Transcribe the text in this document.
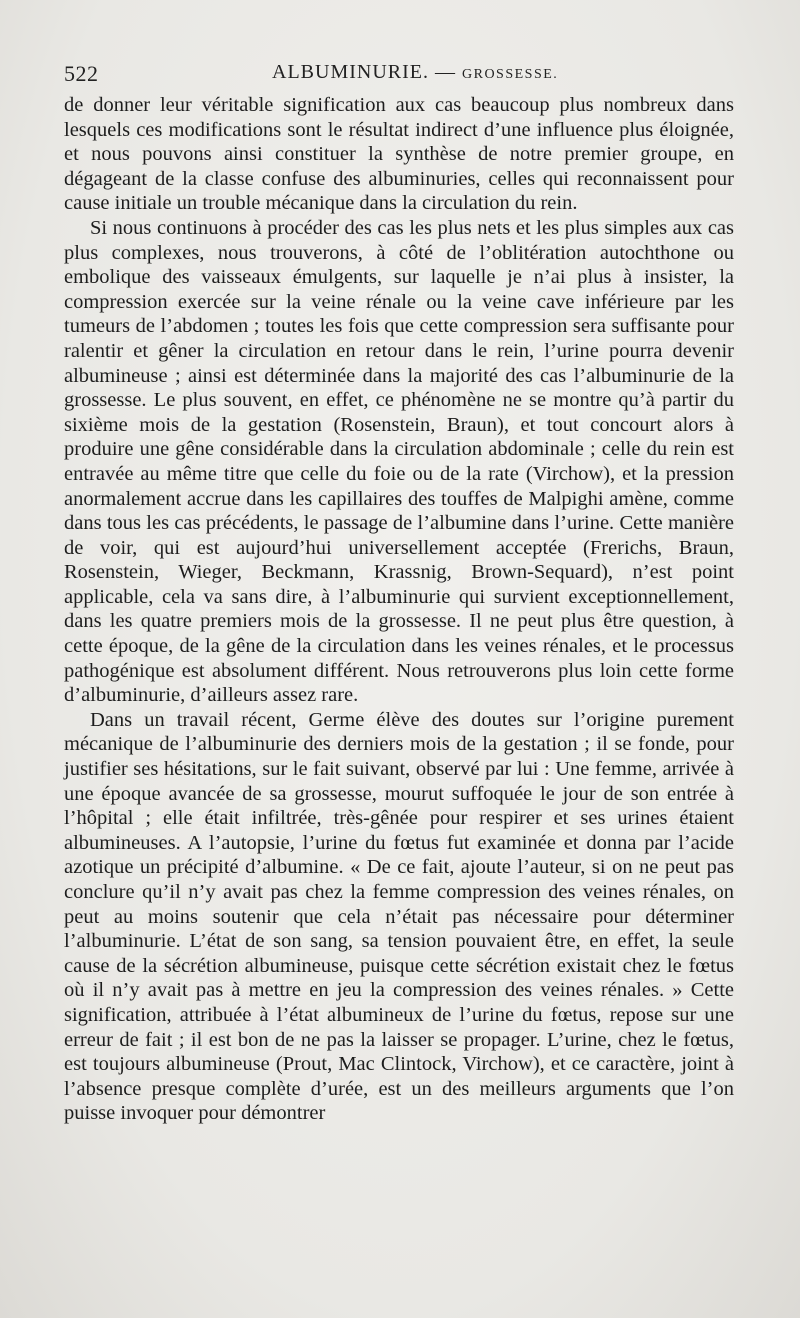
522	ALBUMINURIE. — GROSSESSE.

de donner leur véritable signification aux cas beaucoup plus nombreux dans lesquels ces modifications sont le résultat indirect d’une influence plus éloignée, et nous pouvons ainsi constituer la synthèse de notre premier groupe, en dégageant de la classe confuse des albuminuries, celles qui reconnaissent pour cause initiale un trouble mécanique dans la circulation du rein.

Si nous continuons à procéder des cas les plus nets et les plus simples aux cas plus complexes, nous trouverons, à côté de l’oblitération autochthone ou embolique des vaisseaux émulgents, sur laquelle je n’ai plus à insister, la compression exercée sur la veine rénale ou la veine cave inférieure par les tumeurs de l’abdomen ; toutes les fois que cette compression sera suffisante pour ralentir et gêner la circulation en retour dans le rein, l’urine pourra devenir albumineuse ; ainsi est déterminée dans la majorité des cas l’albuminurie de la grossesse. Le plus souvent, en effet, ce phénomène ne se montre qu’à partir du sixième mois de la gestation (Rosenstein, Braun), et tout concourt alors à produire une gêne considérable dans la circulation abdominale ; celle du rein est entravée au même titre que celle du foie ou de la rate (Virchow), et la pression anormalement accrue dans les capillaires des touffes de Malpighi amène, comme dans tous les cas précédents, le passage de l’albumine dans l’urine. Cette manière de voir, qui est aujourd’hui universellement acceptée (Frerichs, Braun, Rosenstein, Wieger, Beckmann, Krassnig, Brown-Sequard), n’est point applicable, cela va sans dire, à l’albuminurie qui survient exceptionnellement, dans les quatre premiers mois de la grossesse. Il ne peut plus être question, à cette époque, de la gêne de la circulation dans les veines rénales, et le processus pathogénique est absolument différent. Nous retrouverons plus loin cette forme d’albuminurie, d’ailleurs assez rare.

Dans un travail récent, Germe élève des doutes sur l’origine purement mécanique de l’albuminurie des derniers mois de la gestation ; il se fonde, pour justifier ses hésitations, sur le fait suivant, observé par lui : Une femme, arrivée à une époque avancée de sa grossesse, mourut suffoquée le jour de son entrée à l’hôpital ; elle était infiltrée, très-gênée pour respirer et ses urines étaient albumineuses. A l’autopsie, l’urine du fœtus fut examinée et donna par l’acide azotique un précipité d’albumine. « De ce fait, ajoute l’auteur, si on ne peut pas conclure qu’il n’y avait pas chez la femme compression des veines rénales, on peut au moins soutenir que cela n’était pas nécessaire pour déterminer l’albuminurie. L’état de son sang, sa tension pouvaient être, en effet, la seule cause de la sécrétion albumineuse, puisque cette sécrétion existait chez le fœtus où il n’y avait pas à mettre en jeu la compression des veines rénales. » Cette signification, attribuée à l’état albumineux de l’urine du fœtus, repose sur une erreur de fait ; il est bon de ne pas la laisser se propager. L’urine, chez le fœtus, est toujours albumineuse (Prout, Mac Clintock, Virchow), et ce caractère, joint à l’absence presque complète d’urée, est un des meilleurs arguments que l’on puisse invoquer pour démontrer
